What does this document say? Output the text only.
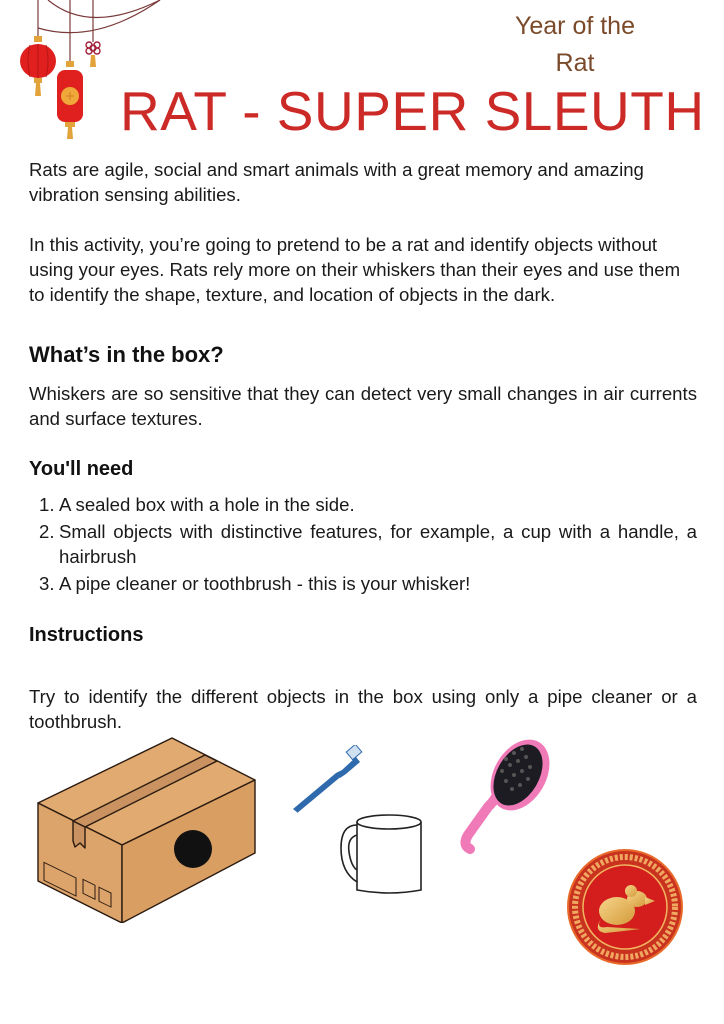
Year of the
Rat
RAT - SUPER SLEUTH

Rats are agile, social and smart animals with a great memory and amazing vibration sensing abilities.

In this activity, you’re going to pretend to be a rat and identify objects without using your eyes. Rats rely more on their whiskers than their eyes and use them to identify the shape, texture, and location of objects in the dark.

What’s in the box?

Whiskers are so sensitive that they can detect very small changes in air currents and surface textures.

You'll need
1. A sealed box with a hole in the side.
2. Small objects with distinctive features, for example, a cup with a handle, a hairbrush
3. A pipe cleaner or toothbrush - this is your whisker!
Instructions

Try to identify the different objects in the box using only a pipe cleaner or a toothbrush.
